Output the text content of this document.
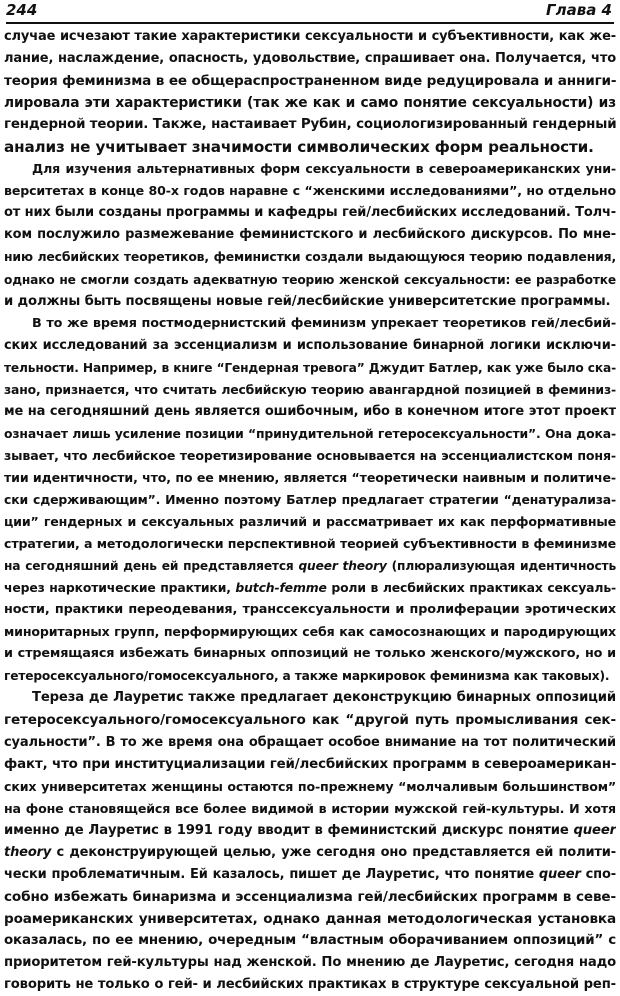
244	Глава 4
случае исчезают такие характеристики сексуальности и субъективности, как же-
лание, наслаждение, опасность, удовольствие, спрашивает она. Получается, что
теория феминизма в ее общераспространенном виде редуцировала и анниги-
лировала эти характеристики (так же как и само понятие сексуальности) из
гендерной теории. Также, настаивает Рубин, социологизированный гендерный
анализ не учитывает значимости символических форм реальности.
Для изучения альтернативных форм сексуальности в североамериканских уни-
верситетах в конце 80-х годов наравне с “женскими исследованиями”, но отдельно
от них были созданы программы и кафедры гей/лесбийских исследований. Толч-
ком послужило размежевание феминистского и лесбийского дискурсов. По мне-
нию лесбийских теоретиков, феминистки создали выдающуюся теорию подавления,
однако не смогли создать адекватную теорию женской сексуальности: ее разработке
и должны быть посвящены новые гей/лесбийские университетские программы.
В то же время постмодернистский феминизм упрекает теоретиков гей/лесбий-
ских исследований за эссенциализм и использование бинарной логики исключи-
тельности. Например, в книге “Гендерная тревога” Джудит Батлер, как уже было ска-
зано, признается, что считать лесбийскую теорию авангардной позицией в феминиз-
ме на сегодняшний день является ошибочным, ибо в конечном итоге этот проект
означает лишь усиление позиции “принудительной гетеросексуальности”. Она дока-
зывает, что лесбийское теоретизирование основывается на эссенциалистском поня-
тии идентичности, что, по ее мнению, является “теоретически наивным и политиче-
ски сдерживающим”. Именно поэтому Батлер предлагает стратегии “денатурализа-
ции” гендерных и сексуальных различий и рассматривает их как перформативные
стратегии, а методологически перспективной теорией субъективности в феминизме
на сегодняшний день ей представляется queer theory (плюрализующая идентичность
через наркотические практики, butch-femme роли в лесбийских практиках сексуаль-
ности, практики переодевания, транссексуальности и пролиферации эротических
миноритарных групп, перформирующих себя как самосознающих и пародирующих
и стремящаяся избежать бинарных оппозиций не только женского/мужского, но и
гетеросексуального/гомосексуального, а также маркировок феминизма как таковых).
Тереза де Лауретис также предлагает деконструкцию бинарных оппозиций
гетеросексуального/гомосексуального как “другой путь промысливания сек-
суальности”. В то же время она обращает особое внимание на тот политический
факт, что при институциализации гей/лесбийских программ в североамерикан-
ских университетах женщины остаются по-прежнему “молчаливым большинством”
на фоне становящейся все более видимой в истории мужской гей-культуры. И хотя
именно де Лауретис в 1991 году вводит в феминистский дискурс понятие queer
theory с деконструирующей целью, уже сегодня оно представляется ей полити-
чески проблематичным. Ей казалось, пишет де Лауретис, что понятие queer спо-
собно избежать бинаризма и эссенциализма гей/лесбийских программ в севе-
роамериканских университетах, однако данная методологическая установка
оказалась, по ее мнению, очередным “властным оборачиванием оппозиций” с
приоритетом гей-культуры над женской. По мнению де Лауретис, сегодня надо
говорить не только о гей- и лесбийских практиках в структуре сексуальной реп-
